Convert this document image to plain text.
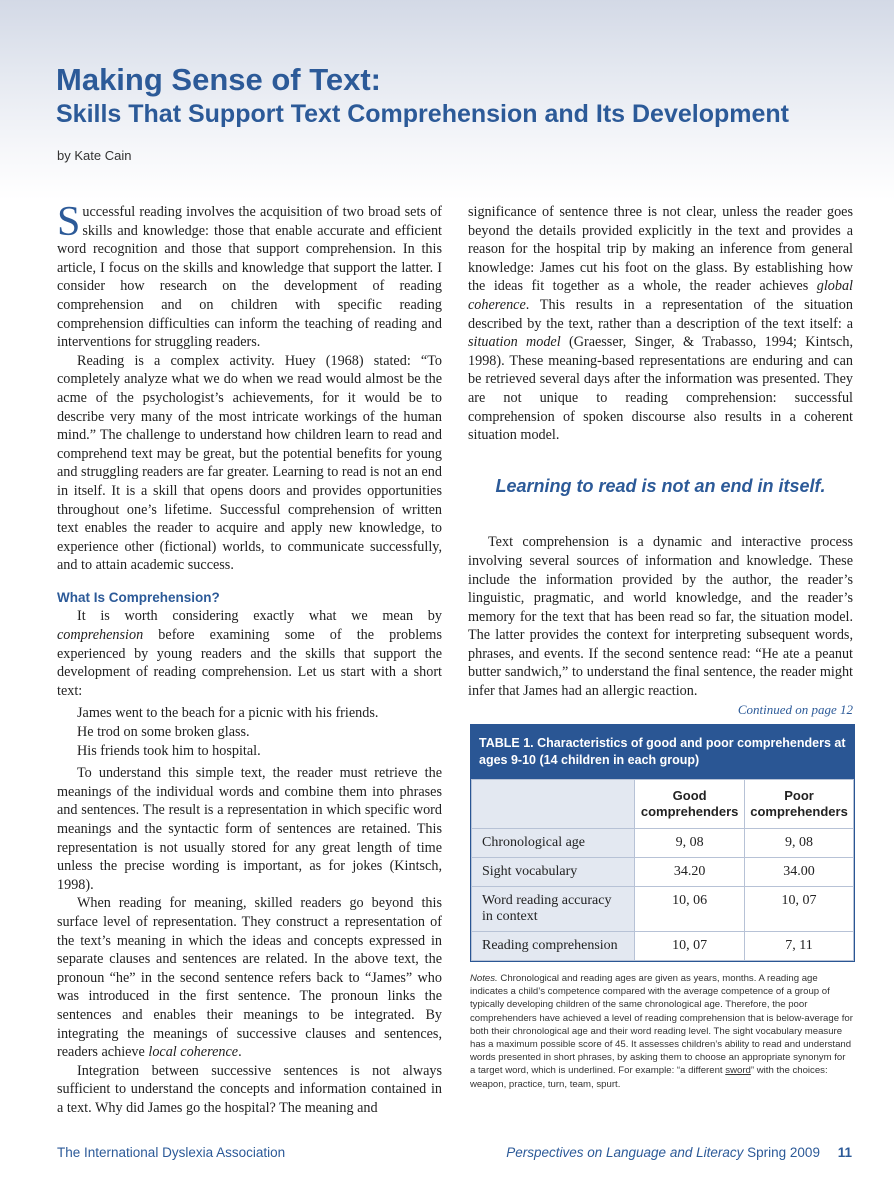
Making Sense of Text:
Skills That Support Text Comprehension and Its Development
by Kate Cain

Successful reading involves the acquisition of two broad sets of skills and knowledge: those that enable accurate and efficient word recognition and those that support comprehension. In this article, I focus on the skills and knowledge that support the latter. I consider how research on the development of reading comprehension and on children with specific reading comprehension difficulties can inform the teaching of reading and interventions for struggling readers.

Reading is a complex activity. Huey (1968) stated: “To completely analyze what we do when we read would almost be the acme of the psychologist’s achievements, for it would be to describe very many of the most intricate workings of the human mind.” The challenge to understand how children learn to read and comprehend text may be great, but the potential benefits for young and struggling readers are far greater. Learning to read is not an end in itself. It is a skill that opens doors and provides opportunities throughout one’s lifetime. Successful comprehension of written text enables the reader to acquire and apply new knowledge, to experience other (fictional) worlds, to communicate successfully, and to attain academic success.

What Is Comprehension?

It is worth considering exactly what we mean by comprehension before examining some of the problems experienced by young readers and the skills that support the development of reading comprehension. Let us start with a short text:

James went to the beach for a picnic with his friends.

He trod on some broken glass.

His friends took him to hospital.

To understand this simple text, the reader must retrieve the meanings of the individual words and combine them into phrases and sentences. The result is a representation in which specific word meanings and the syntactic form of sentences are retained. This representation is not usually stored for any great length of time unless the precise wording is important, as for jokes (Kintsch, 1998).

When reading for meaning, skilled readers go beyond this surface level of representation. They construct a representation of the text’s meaning in which the ideas and concepts expressed in separate clauses and sentences are related. In the above text, the pronoun “he” in the second sentence refers back to “James” who was introduced in the first sentence. The pronoun links the sentences and enables their meanings to be integrated. By integrating the meanings of successive clauses and sentences, readers achieve local coherence.

Integration between successive sentences is not always sufficient to understand the concepts and information contained in a text. Why did James go the hospital? The meaning and

significance of sentence three is not clear, unless the reader goes beyond the details provided explicitly in the text and provides a reason for the hospital trip by making an inference from general knowledge: James cut his foot on the glass. By establishing how the ideas fit together as a whole, the reader achieves global coherence. This results in a representation of the situation described by the text, rather than a description of the text itself: a situation model (Graesser, Singer, & Trabasso, 1994; Kintsch, 1998). These meaning-based representations are enduring and can be retrieved several days after the information was presented. They are not unique to reading comprehension: successful comprehension of spoken discourse also results in a coherent situation model.

Learning to read is not an end in itself.

Text comprehension is a dynamic and interactive process involving several sources of information and knowledge. These include the information provided by the author, the reader’s linguistic, pragmatic, and world knowledge, and the reader’s memory for the text that has been read so far, the situation model. The latter provides the context for interpreting subsequent words, phrases, and events. If the second sentence read: “He ate a peanut butter sandwich,” to understand the final sentence, the reader might infer that James had an allergic reaction.

Continued on page 12

TABLE 1. Characteristics of good and poor comprehenders at ages 9-10 (14 children in each group)
	Good comprehenders	Poor comprehenders
Chronological age	9, 08	9, 08
Sight vocabulary	34.20	34.00
Word reading accuracy in context	10, 06	10, 07
Reading comprehension	10, 07	7, 11
Notes. Chronological and reading ages are given as years, months. A reading age indicates a child’s competence compared with the average competence of a group of typically developing children of the same chronological age. Therefore, the poor comprehenders have achieved a level of reading comprehension that is below-average for both their chronological age and their word reading level. The sight vocabulary measure has a maximum possible score of 45. It assesses children’s ability to read and understand words presented in short phrases, by asking them to choose an appropriate synonym for a target word, which is underlined. For example: “a different sword” with the choices: weapon, practice, turn, team, spurt.
The International Dyslexia Association	Perspectives on Language and Literacy Spring 2009 11
